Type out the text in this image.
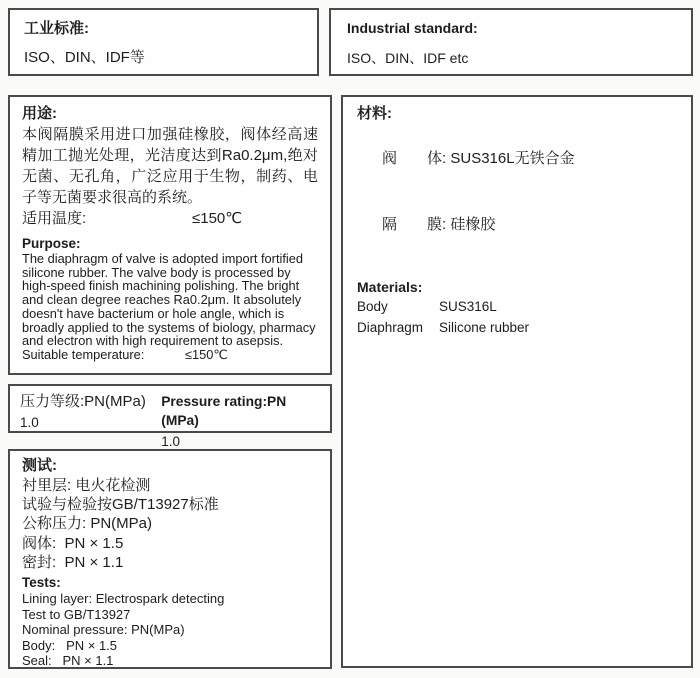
工业标准:
ISO、DIN、IDF等
Industrial standard:
ISO、DIN、IDF etc
用途:
本阀隔膜采用进口加强硅橡胶，阀体经高速精加工抛光处理，光洁度达到Ra0.2μm,绝对无菌、无孔角，广泛应用于生物，制药、电子等无菌要求很高的系统。
适用温度:	≤150℃
Purpose:
The diaphragm of valve is adopted import fortified silicone rubber. The valve body is processed by high-speed finish machining polishing. The bright and clean degree reaches Ra0.2μm. It absolutely doesn't have bacterium or hole angle, which is broadly applied to the systems of biology, pharmacy and electron with high requirement to asepsis.
Suitable temperature:	≤150℃
材料:

阀　　体: SUS316L无铁合金

隔　　膜: 硅橡胶

Materials:
Body	SUS316L
Diaphragm Silicone rubber
压力等级:PN(MPa)
1.0
Pressure rating:PN (MPa)
1.0
测试:
衬里层: 电火花检测
试验与检验按GB/T13927标准
公称压力: PN(MPa)
阀体:  PN × 1.5
密封:  PN × 1.1
Tests:
Lining layer: Electrospark detecting
Test to GB/T13927
Nominal pressure: PN(MPa)
Body:   PN × 1.5
Seal:   PN × 1.1
